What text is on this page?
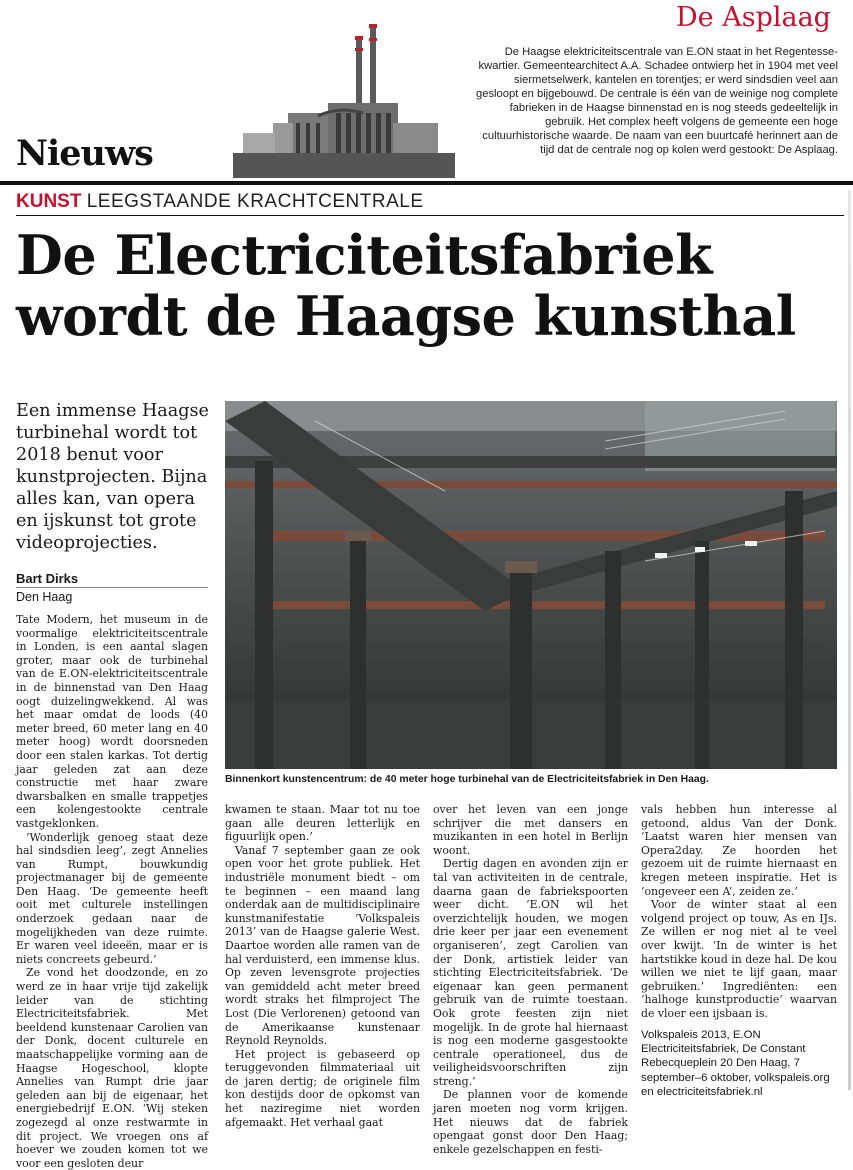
De Asplaag
De Haagse elektriciteitscentrale van E.ON staat in het Regentesse-kwartier. Gemeentearchitect A.A. Schadee ontwierp het in 1904 met veel siermetselwerk, kantelen en torentjes; er werd sindsdien veel aan gesloopt en bijgebouwd. De centrale is één van de weinige nog complete fabrieken in de Haagse binnenstad en is nog steeds gedeeltelijk in gebruik. Het complex heeft volgens de gemeente een hoge cultuurhistorische waarde. De naam van een buurtcafé herinnert aan de tijd dat de centrale nog op kolen werd gestookt: De Asplaag.
Nieuws
KUNST LEEGSTAANDE KRACHTCENTRALE
De Electriciteitsfabriek
wordt de Haagse kunsthal
Een immense Haagse turbinehal wordt tot 2018 benut voor kunstprojecten. Bijna alles kan, van opera en ijskunst tot grote videoprojecties.
Bart Dirks
Den Haag
Binnenkort kunstencentrum: de 40 meter hoge turbinehal van de Electriciteitsfabriek in Den Haag.

Tate Modern, het museum in de voormalige elektriciteitscentrale in Londen, is een aantal slagen groter, maar ook de turbinehal van de E.ON-elektriciteitscentrale in de binnenstad van Den Haag oogt duizelingwekkend. Al was het maar omdat de loods (40 meter breed, 60 meter lang en 40 meter hoog) wordt doorsneden door een stalen karkas. Tot dertig jaar geleden zat aan deze constructie met haar zware dwarsbalken en smalle trappetjes een kolengestookte centrale vastgeklonken.

‘Wonderlijk genoeg staat deze hal sindsdien leeg’, zegt Annelies van Rumpt, bouwkundig projectmanager bij de gemeente Den Haag. ‘De gemeente heeft ooit met culturele instellingen onderzoek gedaan naar de mogelijkheden van deze ruimte. Er waren veel ideeën, maar er is niets concreets gebeurd.’

Ze vond het doodzonde, en zo werd ze in haar vrije tijd zakelijk leider van de stichting Electriciteitsfabriek. Met beeldend kunstenaar Carolien van der Donk, docent culturele en maatschappelijke vorming aan de Haagse Hogeschool, klopte Annelies van Rumpt drie jaar geleden aan bij de eigenaar, het energiebedrijf E.ON. ‘Wij steken zogezegd al onze restwarmte in dit project. We vroegen ons af hoever we zouden komen tot we voor een gesloten deur

kwamen te staan. Maar tot nu toe gaan alle deuren letterlijk en figuurlijk open.’

Vanaf 7 september gaan ze ook open voor het grote publiek. Het industriële monument biedt – om te beginnen – een maand lang onderdak aan de multidisciplinaire kunstmanifestatie ‘Volkspaleis 2013’ van de Haagse galerie West. Daartoe worden alle ramen van de hal verduisterd, een immense klus. Op zeven levensgrote projecties van gemiddeld acht meter breed wordt straks het filmproject The Lost (Die Verlorenen) getoond van de Amerikaanse kunstenaar Reynold Reynolds.

Het project is gebaseerd op teruggevonden filmmateriaal uit de jaren dertig; de originele film kon destijds door de opkomst van het naziregime niet worden afgemaakt. Het verhaal gaat

over het leven van een jonge schrijver die met dansers en muzikanten in een hotel in Berlijn woont.

Dertig dagen en avonden zijn er tal van activiteiten in de centrale, daarna gaan de fabriekspoorten weer dicht. ‘E.ON wil het overzichtelijk houden, we mogen drie keer per jaar een evenement organiseren’, zegt Carolien van der Donk, artistiek leider van stichting Electriciteitsfabriek. ‘De eigenaar kan geen permanent gebruik van de ruimte toestaan. Ook grote feesten zijn niet mogelijk. In de grote hal hiernaast is nog een moderne gasgestookte centrale operationeel, dus de veiligheidsvoorschriften zijn streng.’

De plannen voor de komende jaren moeten nog vorm krijgen. Het nieuws dat de fabriek opengaat gonst door Den Haag; enkele gezelschappen en festi-

vals hebben hun interesse al getoond, aldus Van der Donk. ‘Laatst waren hier mensen van Opera2day. Ze hoorden het gezoem uit de ruimte hiernaast en kregen meteen inspiratie. Het is ‘ongeveer een A’, zeiden ze.’

Voor de winter staat al een volgend project op touw, As en IJs. Ze willen er nog niet al te veel over kwijt. ‘In de winter is het hartstikke koud in deze hal. De kou willen we niet te lijf gaan, maar gebruiken.’ Ingrediënten: een ‘halhoge kunstproductie’ waarvan de vloer een ijsbaan is.

Volkspaleis 2013, E.ON Electriciteitsfabriek, De Constant Rebecqueplein 20 Den Haag, 7 september–6 oktober, volkspaleis.org en electriciteitsfabriek.nl
